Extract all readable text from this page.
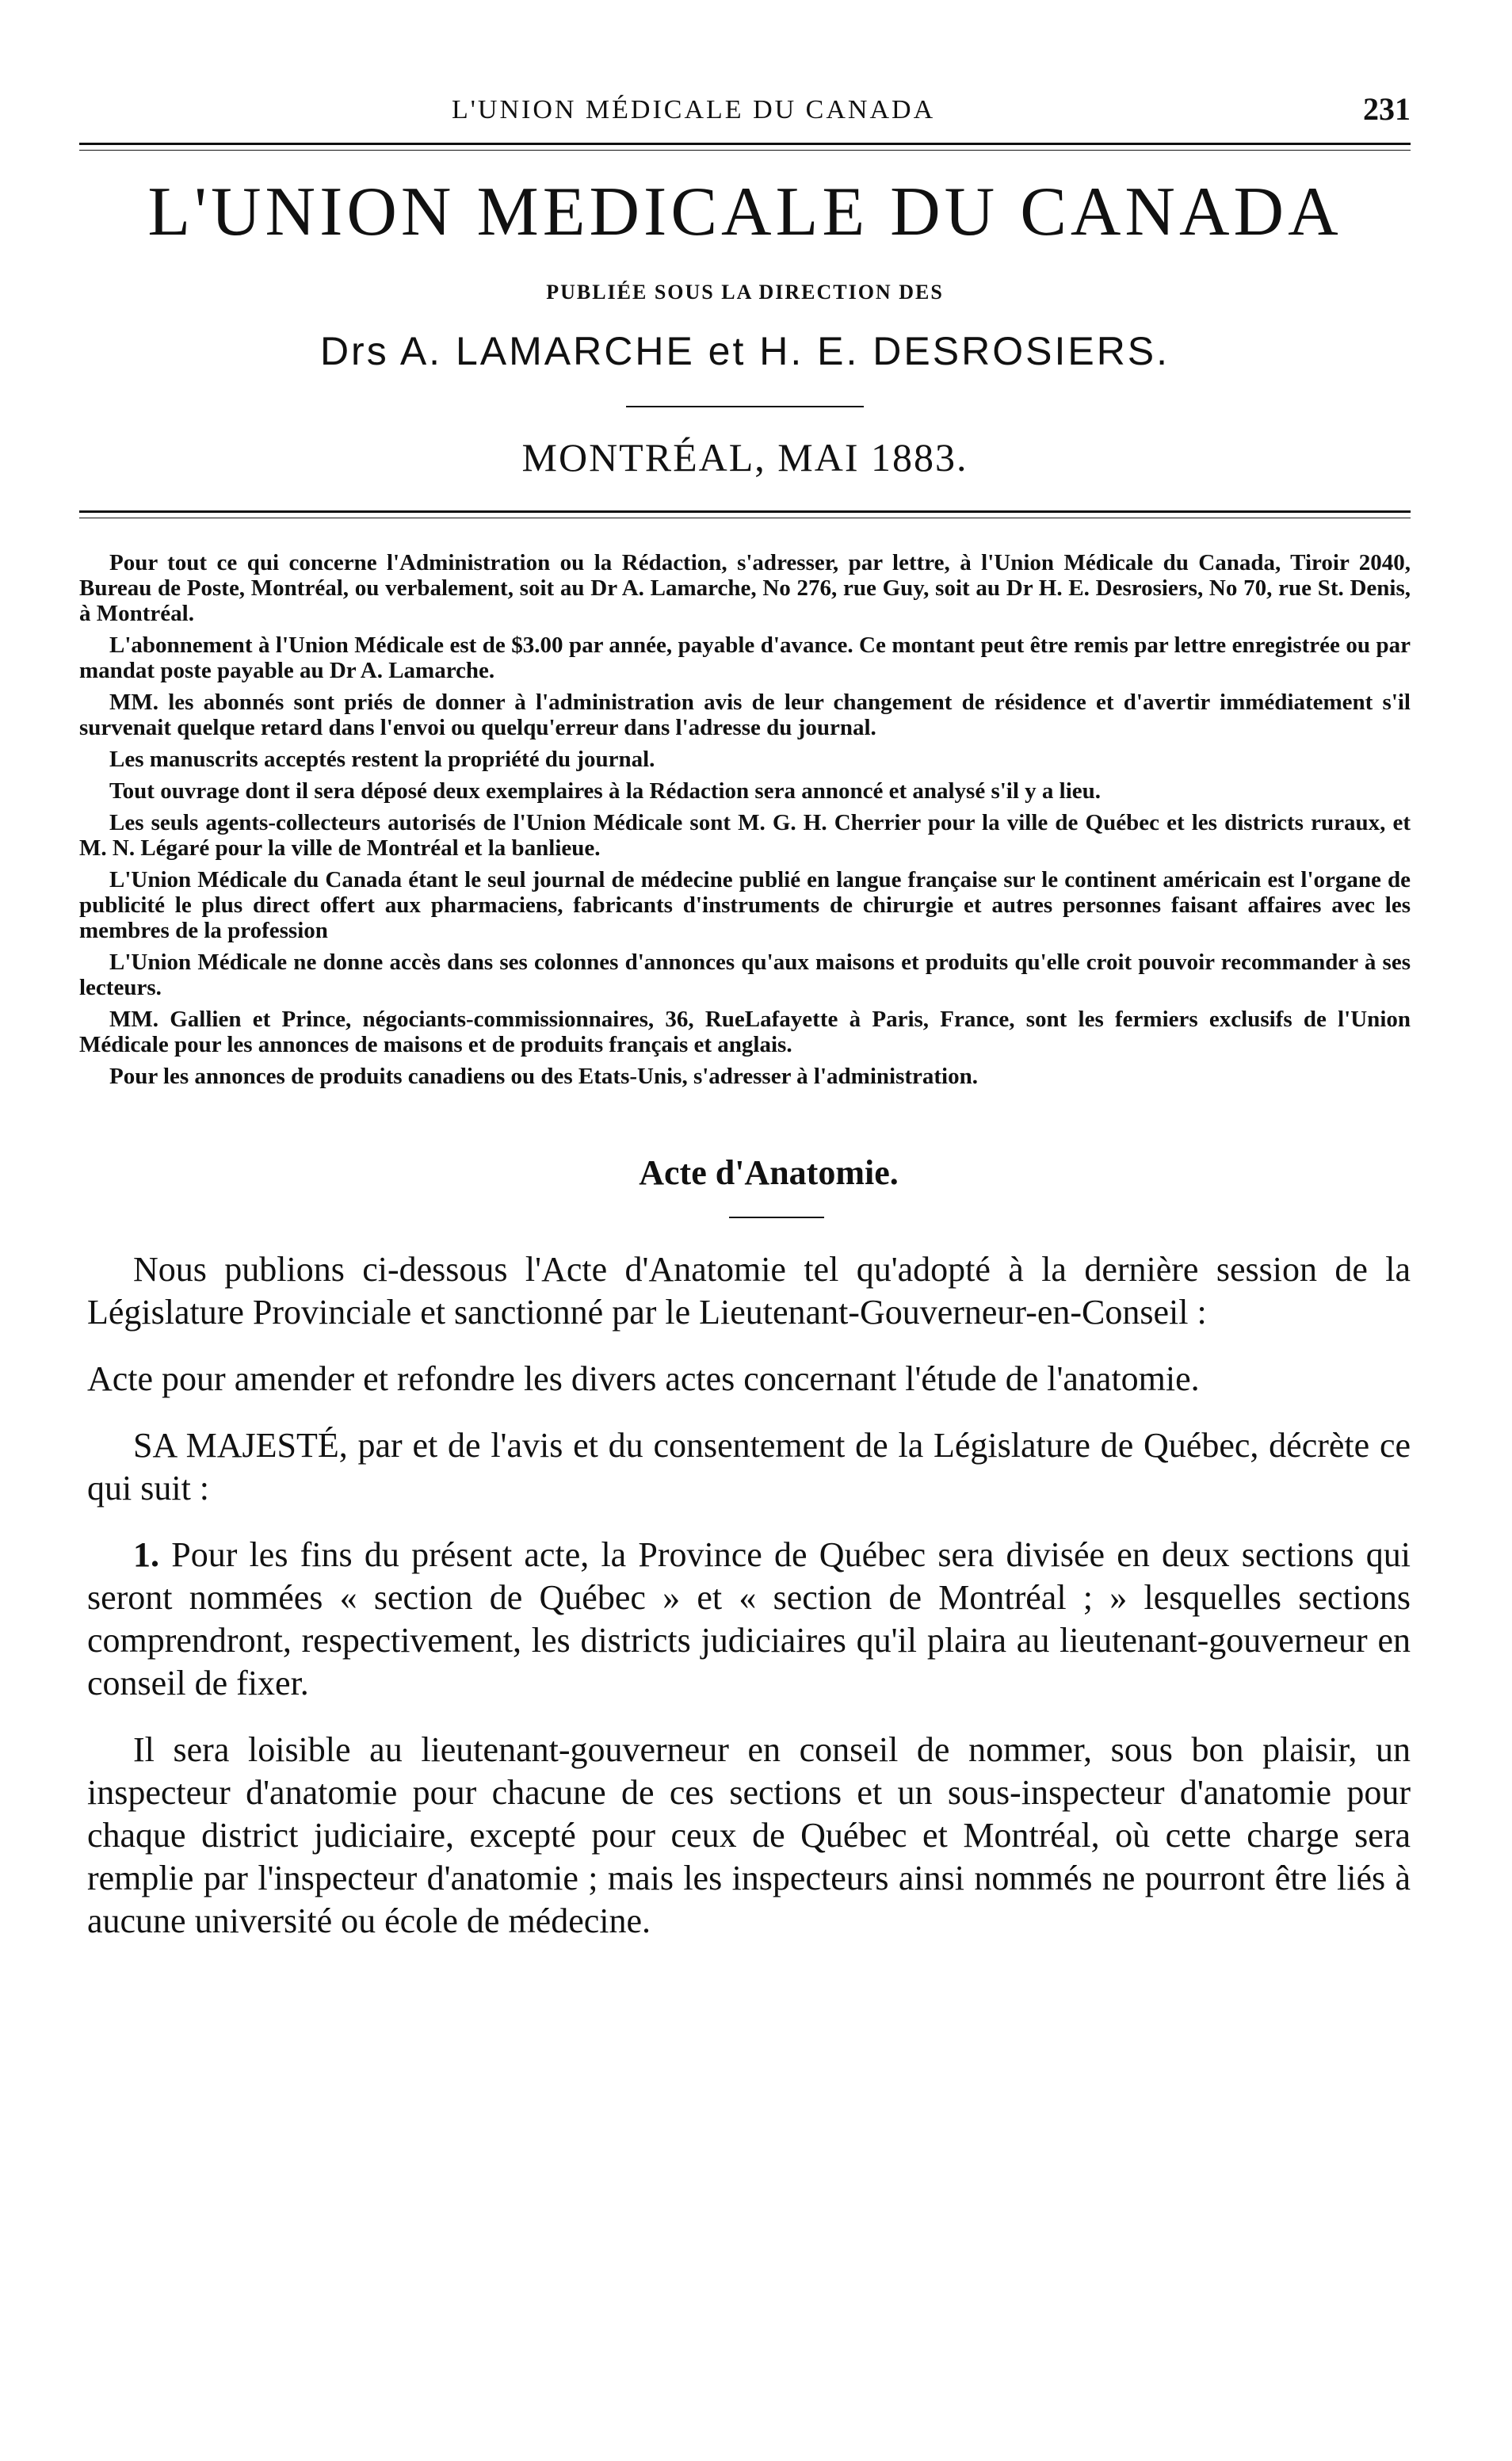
L'UNION MÉDICALE DU CANADA	231
L'UNION MEDICALE DU CANADA
PUBLIÉE SOUS LA DIRECTION DES
Drs A. LAMARCHE et H. E. DESROSIERS.
MONTRÉAL, MAI 1883.

Pour tout ce qui concerne l'Administration ou la Rédaction, s'adresser, par lettre, à l'Union Médicale du Canada, Tiroir 2040, Bureau de Poste, Montréal, ou verbalement, soit au Dr A. Lamarche, No 276, rue Guy, soit au Dr H. E. Desrosiers, No 70, rue St. Denis, à Montréal.

L'abonnement à l'Union Médicale est de $3.00 par année, payable d'avance. Ce montant peut être remis par lettre enregistrée ou par mandat poste payable au Dr A. Lamarche.

MM. les abonnés sont priés de donner à l'administration avis de leur changement de résidence et d'avertir immédiatement s'il survenait quelque retard dans l'envoi ou quelqu'erreur dans l'adresse du journal.

Les manuscrits acceptés restent la propriété du journal.

Tout ouvrage dont il sera déposé deux exemplaires à la Rédaction sera annoncé et analysé s'il y a lieu.

Les seuls agents-collecteurs autorisés de l'Union Médicale sont M. G. H. Cherrier pour la ville de Québec et les districts ruraux, et M. N. Légaré pour la ville de Montréal et la banlieue.

L'Union Médicale du Canada étant le seul journal de médecine publié en langue française sur le continent américain est l'organe de publicité le plus direct offert aux pharmaciens, fabricants d'instruments de chirurgie et autres personnes faisant affaires avec les membres de la profession

L'Union Médicale ne donne accès dans ses colonnes d'annonces qu'aux maisons et produits qu'elle croit pouvoir recommander à ses lecteurs.

MM. Gallien et Prince, négociants-commissionnaires, 36, RueLafayette à Paris, France, sont les fermiers exclusifs de l'Union Médicale pour les annonces de maisons et de produits français et anglais.

Pour les annonces de produits canadiens ou des Etats-Unis, s'adresser à l'administration.

Acte d'Anatomie.

Nous publions ci-dessous l'Acte d'Anatomie tel qu'adopté à la dernière session de la Législature Provinciale et sanctionné par le Lieutenant-Gouverneur-en-Conseil :

Acte pour amender et refondre les divers actes concernant l'étude de l'anatomie.

SA MAJESTÉ, par et de l'avis et du consentement de la Législature de Québec, décrète ce qui suit :

1. Pour les fins du présent acte, la Province de Québec sera divisée en deux sections qui seront nommées « section de Québec » et « section de Montréal ; » lesquelles sections comprendront, respectivement, les districts judiciaires qu'il plaira au lieutenant-gouverneur en conseil de fixer.

Il sera loisible au lieutenant-gouverneur en conseil de nommer, sous bon plaisir, un inspecteur d'anatomie pour chacune de ces sections et un sous-inspecteur d'anatomie pour chaque district judiciaire, excepté pour ceux de Québec et Montréal, où cette charge sera remplie par l'inspecteur d'anatomie ; mais les inspecteurs ainsi nommés ne pourront être liés à aucune université ou école de médecine.
